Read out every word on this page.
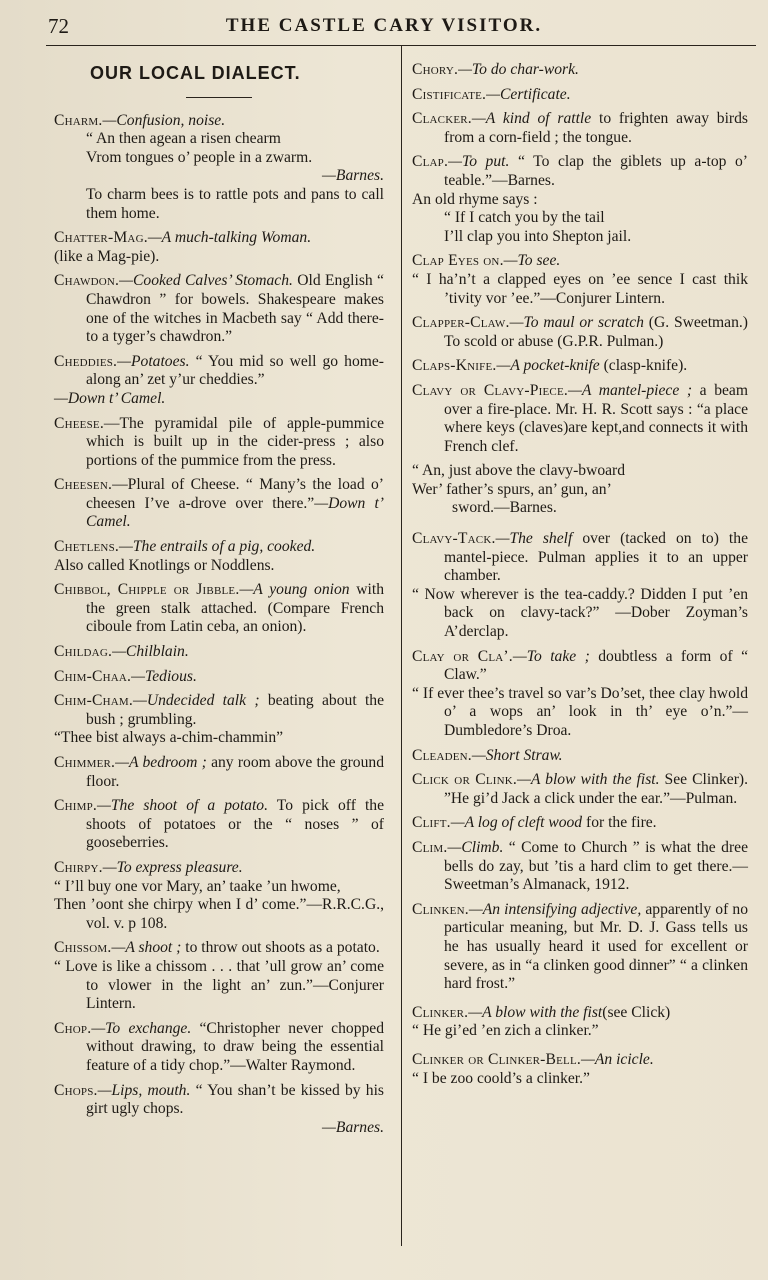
72	THE CASTLE CARY VISITOR.
OUR LOCAL DIALECT.
Charm.—Confusion, noise.
“ An then agean a risen chearm
Vrom tongues o’ people in a zwarm.
—Barnes.
To charm bees is to rattle pots and pans to call them home.
Chatter-Mag.—A much-talking Woman.
(like a Mag-pie).
Chawdon.—Cooked Calves’ Stomach. Old English “ Chawdron ” for bowels. Shakespeare makes one of the witches in Macbeth say “ Add there-to a tyger’s chawdron.”
Cheddies.—Potatoes. “ You mid so well go home-along an’ zet y’ur cheddies.”
—Down t’ Camel.
Cheese.—The pyramidal pile of apple-pummice which is built up in the cider-press ; also portions of the pummice from the press.
Cheesen.—Plural of Cheese. “ Many’s the load o’ cheesen I’ve a-drove over there.”—Down t’ Camel.
Chetlens.—The entrails of a pig, cooked.
Also called Knotlings or Noddlens.
Chibbol, Chipple or Jibble.—A young onion with the green stalk attached. (Compare French ciboule from Latin ceba, an onion).
Childag.—Chilblain.
Chim-Chaa.—Tedious.
Chim-Cham.—Undecided talk ; beating about the bush ; grumbling.
“Thee bist always a-chim-chammin”
Chimmer.—A bedroom ; any room above the ground floor.
Chimp.—The shoot of a potato. To pick off the shoots of potatoes or the “ noses ” of gooseberries.
Chirpy.—To express pleasure.
“ I’ll buy one vor Mary, an’ taake ’un hwome,
Then ’oont she chirpy when I d’ come.”—R.R.C.G., vol. v. p 108.
Chissom.—A shoot ; to throw out shoots as a potato.
“ Love is like a chissom . . . that ’ull grow an’ come to vlower in the light an’ zun.”—Conjurer Lintern.
Chop.—To exchange. “Christopher never chopped without drawing, to draw being the essential feature of a tidy chop.”—Walter Raymond.
Chops.—Lips, mouth. “ You shan’t be kissed by his girt ugly chops.
—Barnes.
Chory.—To do char-work.
Cistificate.—Certificate.
Clacker.—A kind of rattle to frighten away birds from a corn-field ; the tongue.
Clap.—To put. “ To clap the giblets up a-top o’ teable.”—Barnes.
An old rhyme says :
“ If I catch you by the tail
I’ll clap you into Shepton jail.
Clap Eyes on.—To see.
“ I ha’n’t a clapped eyes on ’ee sence I cast thik ’tivity vor ’ee.”—Conjurer Lintern.
Clapper-Claw.—To maul or scratch (G. Sweetman.) To scold or abuse (G.P.R. Pulman.)
Claps-Knife.—A pocket-knife (clasp-knife).
Clavy or Clavy-Piece.—A mantel-piece ; a beam over a fire-place. Mr. H. R. Scott says : “a place where keys (claves)are kept,and connects it with French clef.
“ An, just above the clavy-bwoard
Wer’ father’s spurs, an’ gun, an’
sword.—Barnes.
Clavy-Tack.—The shelf over (tacked on to) the mantel-piece. Pulman applies it to an upper chamber.
“ Now wherever is the tea-caddy.? Didden I put ’en back on clavy-tack?” —Dober Zoyman’s A’derclap.
Clay or Cla’.—To take ; doubtless a form of “ Claw.”
“ If ever thee’s travel so var’s Do’set, thee clay hwold o’ a wops an’ look in th’ eye o’n.”—Dumbledore’s Droa.
Cleaden.—Short Straw.
Click or Clink.—A blow with the fist. See Clinker). ”He gi’d Jack a click under the ear.”—Pulman.
Clift.—A log of cleft wood for the fire.
Clim.—Climb. “ Come to Church ” is what the dree bells do zay, but ’tis a hard clim to get there.—Sweetman’s Almanack, 1912.
Clinken.—An intensifying adjective, apparently of no particular meaning, but Mr. D. J. Gass tells us he has usually heard it used for excellent or severe, as in “a clinken good dinner” “ a clinken hard frost.”
Clinker.—A blow with the fist(see Click)
“ He gi’ed ’en zich a clinker.”
Clinker or Clinker-Bell.—An icicle.
“ I be zoo coold’s a clinker.”
